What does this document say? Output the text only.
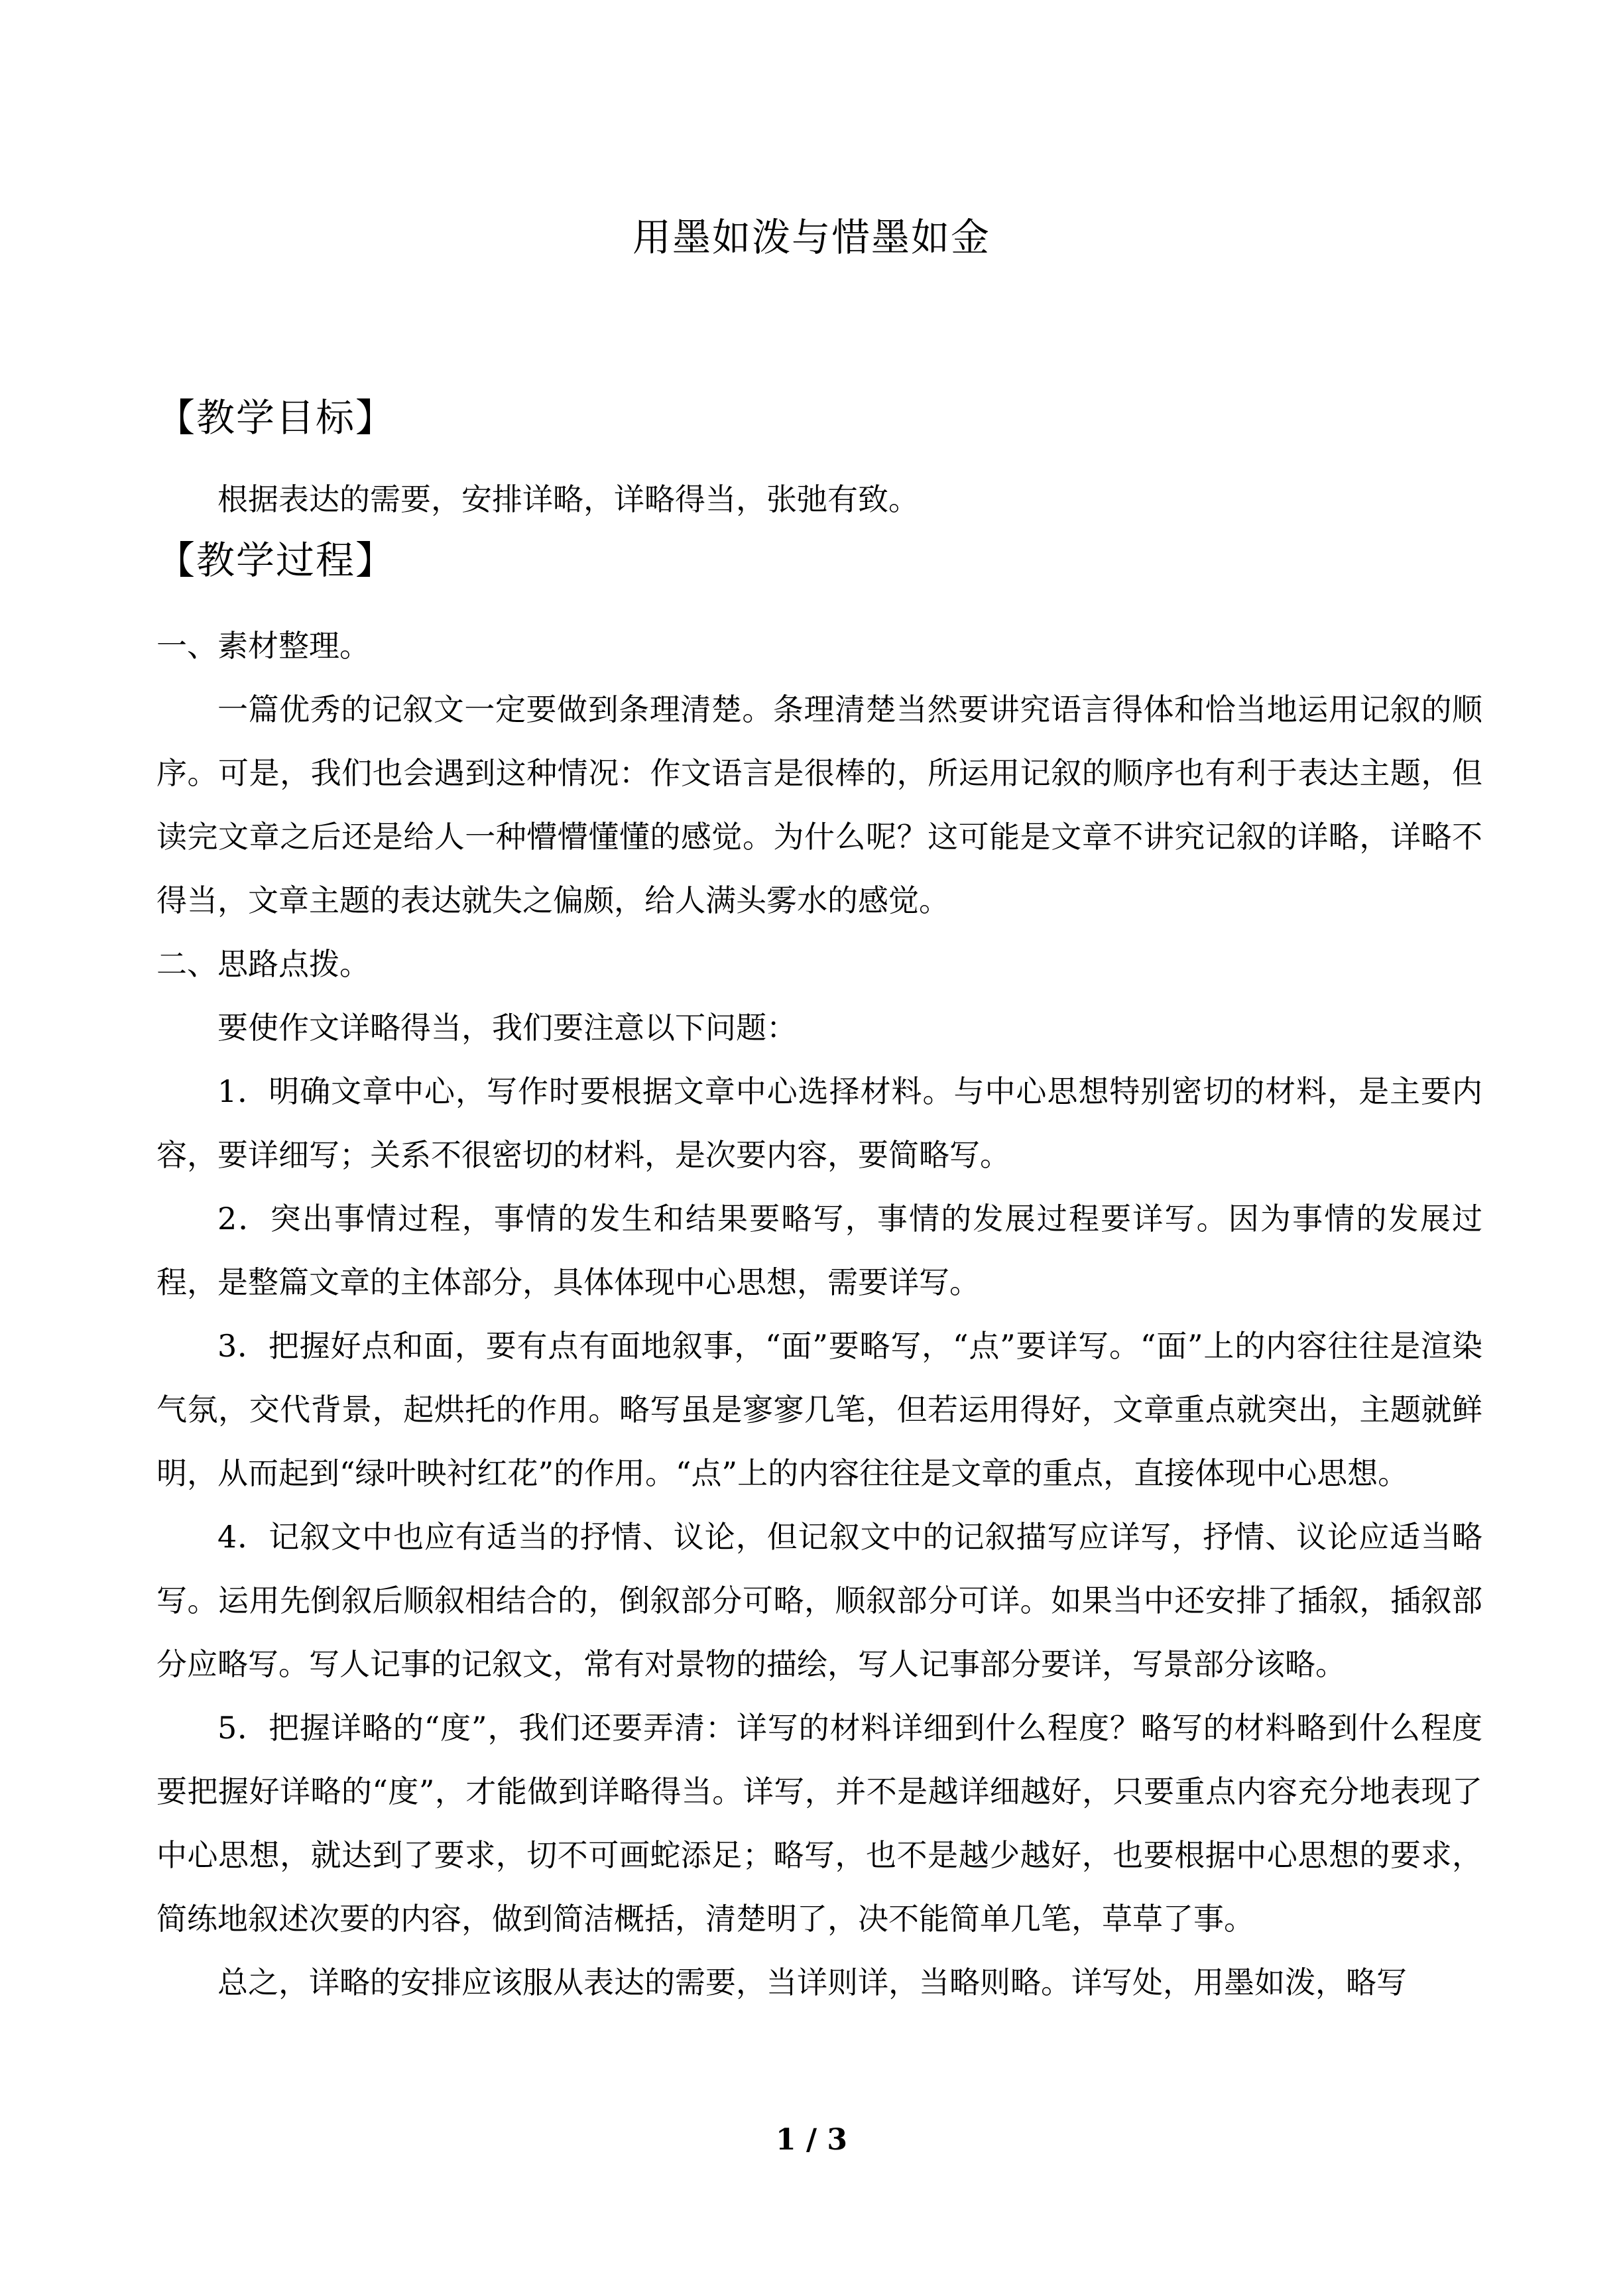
用墨如泼与惜墨如金
【教学目标】

根据表达的需要，安排详略，详略得当，张弛有致。

【教学过程】

一、素材整理。

一篇优秀的记叙文一定要做到条理清楚。条理清楚当然要讲究语言得体和恰当地运用记叙的顺序。可是，我们也会遇到这种情况：作文语言是很棒的，所运用记叙的顺序也有利于表达主题，但读完文章之后还是给人一种懵懵懂懂的感觉。为什么呢？这可能是文章不讲究记叙的详略，详略不得当，文章主题的表达就失之偏颇，给人满头雾水的感觉。

二、思路点拨。

要使作文详略得当，我们要注意以下问题：

1．明确文章中心，写作时要根据文章中心选择材料。与中心思想特别密切的材料，是主要内容，要详细写；关系不很密切的材料，是次要内容，要简略写。

2．突出事情过程，事情的发生和结果要略写，事情的发展过程要详写。因为事情的发展过程，是整篇文章的主体部分，具体体现中心思想，需要详写。

3．把握好点和面，要有点有面地叙事，“面”要略写，“点”要详写。“面”上的内容往往是渲染气氛，交代背景，起烘托的作用。略写虽是寥寥几笔，但若运用得好，文章重点就突出，主题就鲜明，从而起到“绿叶映衬红花”的作用。“点”上的内容往往是文章的重点，直接体现中心思想。

4．记叙文中也应有适当的抒情、议论，但记叙文中的记叙描写应详写，抒情、议论应适当略写。运用先倒叙后顺叙相结合的，倒叙部分可略，顺叙部分可详。如果当中还安排了插叙，插叙部分应略写。写人记事的记叙文，常有对景物的描绘，写人记事部分要详，写景部分该略。

5．把握详略的“度”，我们还要弄清：详写的材料详细到什么程度？略写的材料略到什么程度要把握好详略的“度”，才能做到详略得当。详写，并不是越详细越好，只要重点内容充分地表现了中心思想，就达到了要求，切不可画蛇添足；略写，也不是越少越好，也要根据中心思想的要求，简练地叙述次要的内容，做到简洁概括，清楚明了，决不能简单几笔，草草了事。

总之，详略的安排应该服从表达的需要，当详则详，当略则略。详写处，用墨如泼，略写

1 / 3
